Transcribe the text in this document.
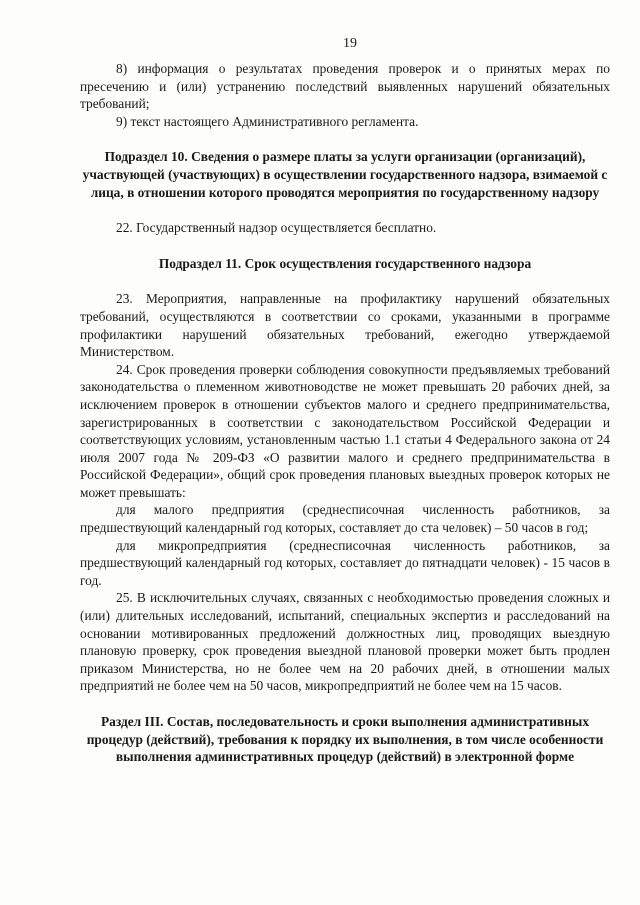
19

8) информация о результатах проведения проверок и о принятых мерах по пресечению и (или) устранению последствий выявленных нарушений обязательных требований;

9) текст настоящего Административного регламента.

Подраздел 10. Сведения о размере платы за услуги организации (организаций), участвующей (участвующих) в осуществлении государственного надзора, взимаемой с лица, в отношении которого проводятся мероприятия по государственному надзору

22. Государственный надзор осуществляется бесплатно.

Подраздел 11. Срок осуществления государственного надзора

23. Мероприятия, направленные на профилактику нарушений обязательных требований, осуществляются в соответствии со сроками, указанными в программе профилактики нарушений обязательных требований, ежегодно утверждаемой Министерством.

24. Срок проведения проверки соблюдения совокупности предъявляемых требований законодательства о племенном животноводстве не может превышать 20 рабочих дней, за исключением проверок в отношении субъектов малого и среднего предпринимательства, зарегистрированных в соответствии с законодательством Российской Федерации и соответствующих условиям, установленным частью 1.1 статьи 4 Федерального закона от 24 июля 2007 года № 209-ФЗ «О развитии малого и среднего предпринимательства в Российской Федерации», общий срок проведения плановых выездных проверок которых не может превышать:

для малого предприятия (среднесписочная численность работников, за предшествующий календарный год которых, составляет до ста человек) – 50 часов в год;

для микропредприятия (среднесписочная численность работников, за предшествующий календарный год которых, составляет до пятнадцати человек) - 15 часов в год.

25. В исключительных случаях, связанных с необходимостью проведения сложных и (или) длительных исследований, испытаний, специальных экспертиз и расследований на основании мотивированных предложений должностных лиц, проводящих выездную плановую проверку, срок проведения выездной плановой проверки может быть продлен приказом Министерства, но не более чем на 20 рабочих дней, в отношении малых предприятий не более чем на 50 часов, микропредприятий не более чем на 15 часов.

Раздел III. Состав, последовательность и сроки выполнения административных процедур (действий), требования к порядку их выполнения, в том числе особенности выполнения административных процедур (действий) в электронной форме
